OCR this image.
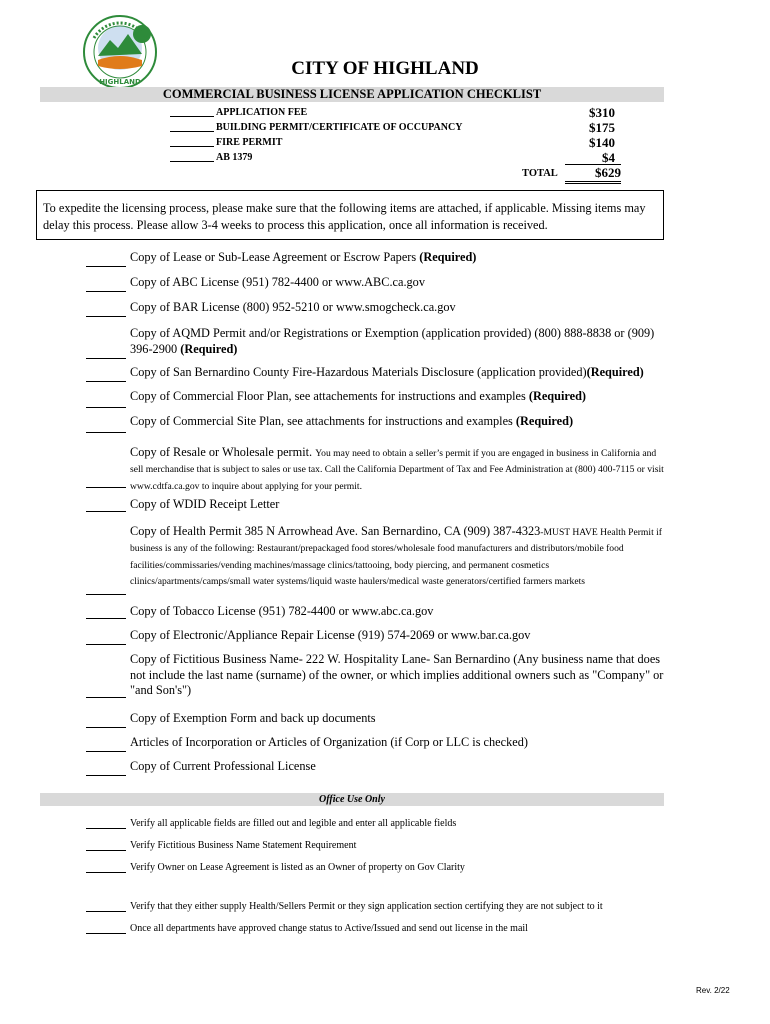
HIGHLAND
CITY OF HIGHLAND
COMMERCIAL BUSINESS LICENSE APPLICATION CHECKLIST
APPLICATION FEE	$310
BUILDING PERMIT/CERTIFICATE OF OCCUPANCY	$175
FIRE PERMIT	$140
AB 1379	$4
TOTAL	$629
To expedite the licensing process, please make sure that the following items are attached, if applicable. Missing items may delay this process. Please allow 3-4 weeks to process this application, once all information is received.
Copy of Lease or Sub-Lease Agreement or Escrow Papers (Required)
Copy of ABC License (951) 782-4400 or www.ABC.ca.gov
Copy of BAR License (800) 952-5210 or www.smogcheck.ca.gov
Copy of AQMD Permit and/or Registrations or Exemption (application provided) (800) 888-8838 or (909) 396-2900 (Required)
Copy of San Bernardino County Fire-Hazardous Materials Disclosure (application provided)(Required)
Copy of Commercial Floor Plan, see attachements for instructions and examples (Required)
Copy of Commercial Site Plan, see attachments for instructions and examples (Required)
Copy of Resale or Wholesale permit. You may need to obtain a seller’s permit if you are engaged in business in California and sell merchandise that is subject to sales or use tax. Call the California Department of Tax and Fee Administration at (800) 400-7115 or visit www.cdtfa.ca.gov to inquire about applying for your permit.
Copy of WDID Receipt Letter
Copy of Health Permit 385 N Arrowhead Ave. San Bernardino, CA (909) 387-4323-MUST HAVE Health Permit if business is any of the following: Restaurant/prepackaged food stores/wholesale food manufacturers and distributors/mobile food facilities/commissaries/vending machines/massage clinics/tattooing, body piercing, and permanent cosmetics clinics/apartments/camps/small water systems/liquid waste haulers/medical waste generators/certified farmers markets
Copy of Tobacco License (951) 782-4400 or www.abc.ca.gov
Copy of Electronic/Appliance Repair License (919) 574-2069 or www.bar.ca.gov
Copy of Fictitious Business Name- 222 W. Hospitality Lane- San Bernardino (Any business name that does not include the last name (surname) of the owner, or which implies additional owners such as "Company" or "and Son's")
Copy of Exemption Form and back up documents
Articles of Incorporation or Articles of Organization (if Corp or LLC is checked)
Copy of Current Professional License
Office Use Only
Verify all applicable fields are filled out and legible and enter all applicable fields
Verify Fictitious Business Name Statement Requirement
Verify Owner on Lease Agreement is listed as an Owner of property on Gov Clarity
Verify that they either supply Health/Sellers Permit or they sign application section certifying they are not subject to it
Once all departments have approved change status to Active/Issued and send out license in the mail
Rev. 2/22
